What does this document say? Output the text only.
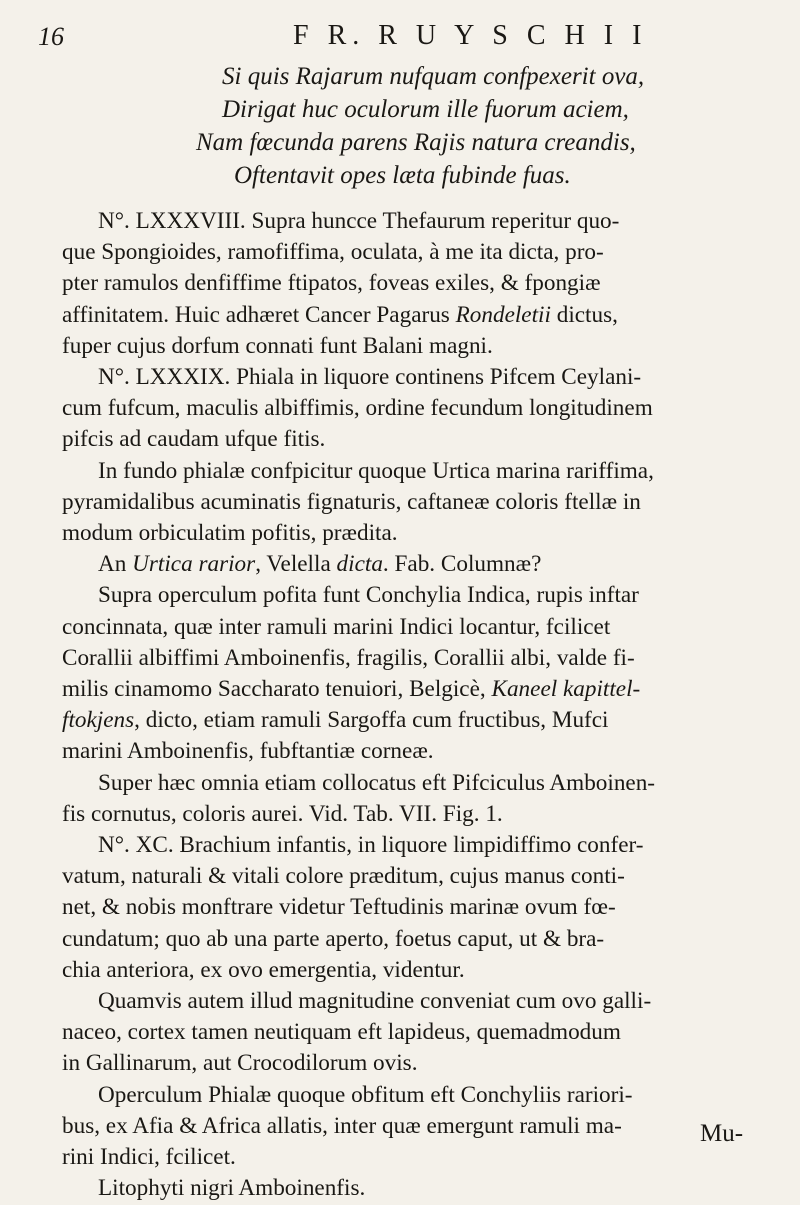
16	F R. R U Y S C H I I
Si quis Rajarum nufquam confpexerit ova,
Dirigat huc oculorum ille fuorum aciem,
Nam fœcunda parens Rajis natura creandis,
Oftentavit opes læta fubinde fuas.
N°. LXXXVIII. Supra huncce Thefaurum reperitur quo-
que Spongioides, ramofiffima, oculata, à me ita dicta, pro-
pter ramulos denfiffime ftipatos, foveas exiles, & fpongiæ
affinitatem. Huic adhæret Cancer Pagarus Rondeletii dictus,
fuper cujus dorfum connati funt Balani magni.
N°. LXXXIX. Phiala in liquore continens Pifcem Ceylani-
cum fufcum, maculis albiffimis, ordine fecundum longitudinem
pifcis ad caudam ufque fitis.
In fundo phialæ confpicitur quoque Urtica marina rariffima,
pyramidalibus acuminatis fignaturis, caftaneæ coloris ftellæ in
modum orbiculatim pofitis, prædita.
An Urtica rarior, Velella dicta. Fab. Columnæ?
Supra operculum pofita funt Conchylia Indica, rupis inftar
concinnata, quæ inter ramuli marini Indici locantur, fcilicet
Corallii albiffimi Amboinenfis, fragilis, Corallii albi, valde fi-
milis cinamomo Saccharato tenuiori, Belgicè, Kaneel kapittel-
ftokjens, dicto, etiam ramuli Sargoffa cum fructibus, Mufci
marini Amboinenfis, fubftantiæ corneæ.
Super hæc omnia etiam collocatus eft Pifciculus Amboinen-
fis cornutus, coloris aurei. Vid. Tab. VII. Fig. 1.
N°. XC. Brachium infantis, in liquore limpidiffimo confer-
vatum, naturali & vitali colore præditum, cujus manus conti-
net, & nobis monftrare videtur Teftudinis marinæ ovum fœ-
cundatum; quo ab una parte aperto, foetus caput, ut & bra-
chia anteriora, ex ovo emergentia, videntur.
Quamvis autem illud magnitudine conveniat cum ovo galli-
naceo, cortex tamen neutiquam eft lapideus, quemadmodum
in Gallinarum, aut Crocodilorum ovis.
Operculum Phialæ quoque obfitum eft Conchyliis rariori-
bus, ex Afia & Africa allatis, inter quæ emergunt ramuli ma-
rini Indici, fcilicet.
Litophyti nigri Amboinenfis.
Mu-
